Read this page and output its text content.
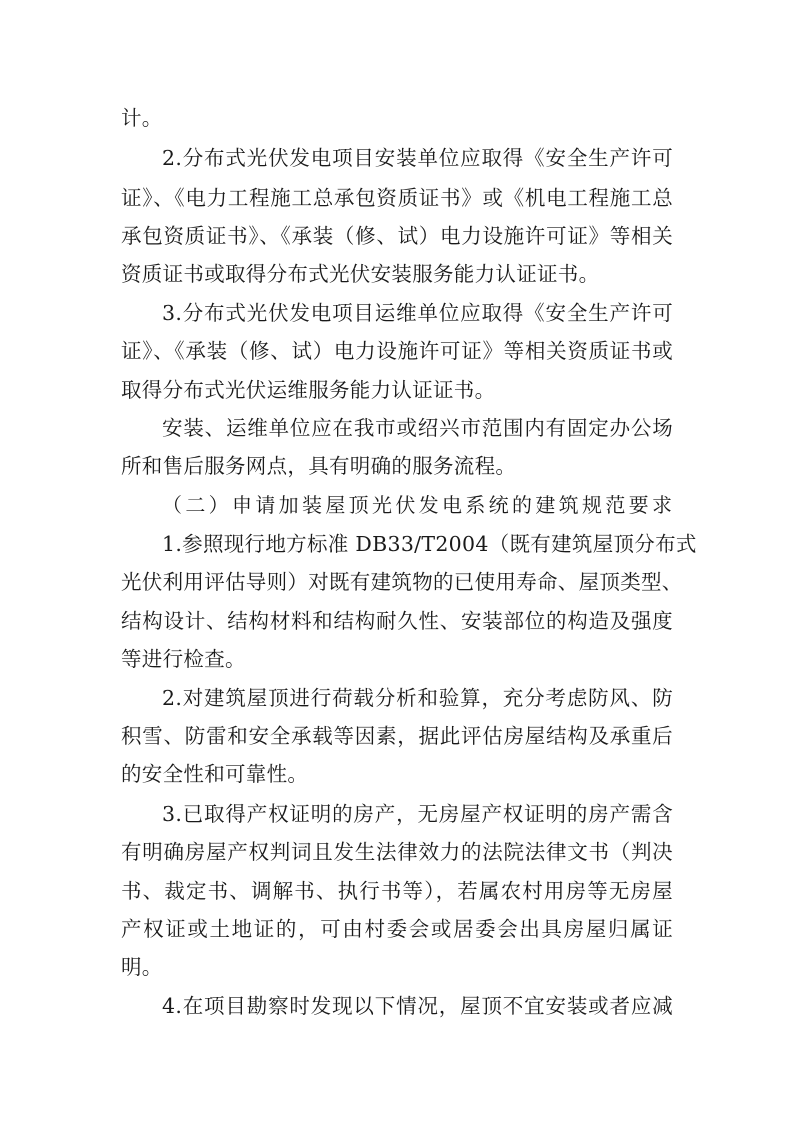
计。
2.分布式光伏发电项目安装单位应取得《安全生产许可
证》、《电力工程施工总承包资质证书》或《机电工程施工总
承包资质证书》、《承装（修、试）电力设施许可证》等相关
资质证书或取得分布式光伏安装服务能力认证证书。
3.分布式光伏发电项目运维单位应取得《安全生产许可
证》、《承装（修、试）电力设施许可证》等相关资质证书或
取得分布式光伏运维服务能力认证证书。
安装、运维单位应在我市或绍兴市范围内有固定办公场
所和售后服务网点，具有明确的服务流程。
（二）申请加装屋顶光伏发电系统的建筑规范要求
1.参照现行地方标准 DB33/T2004（既有建筑屋顶分布式
光伏利用评估导则）对既有建筑物的已使用寿命、屋顶类型、
结构设计、结构材料和结构耐久性、安装部位的构造及强度
等进行检查。
2.对建筑屋顶进行荷载分析和验算，充分考虑防风、防
积雪、防雷和安全承载等因素，据此评估房屋结构及承重后
的安全性和可靠性。
3.已取得产权证明的房产，无房屋产权证明的房产需含
有明确房屋产权判词且发生法律效力的法院法律文书（判决
书、裁定书、调解书、执行书等），若属农村用房等无房屋
产权证或土地证的，可由村委会或居委会出具房屋归属证
明。
4.在项目勘察时发现以下情况，屋顶不宜安装或者应减
